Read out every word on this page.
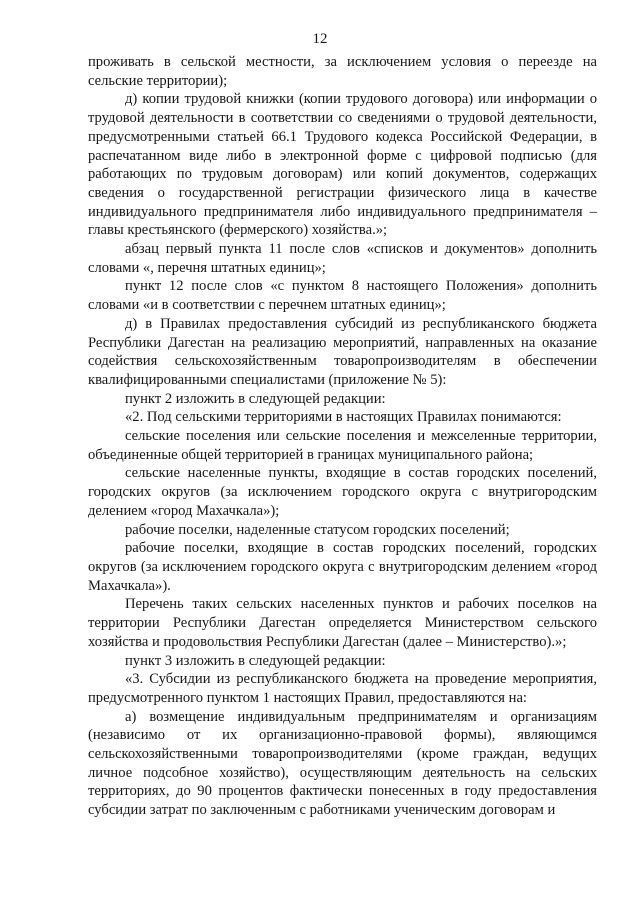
12

проживать в сельской местности, за исключением условия о переезде на сельские территории);

д) копии трудовой книжки (копии трудового договора) или информации о трудовой деятельности в соответствии со сведениями о трудовой деятельности, предусмотренными статьей 66.1 Трудового кодекса Российской Федерации, в распечатанном виде либо в электронной форме с цифровой подписью (для работающих по трудовым договорам) или копий документов, содержащих сведения о государственной регистрации физического лица в качестве индивидуального предпринимателя либо индивидуального предпринимателя – главы крестьянского (фермерского) хозяйства.»;

абзац первый пункта 11 после слов «списков и документов» дополнить словами «, перечня штатных единиц»;

пункт 12 после слов «с пунктом 8 настоящего Положения» дополнить словами «и в соответствии с перечнем штатных единиц»;

д) в Правилах предоставления субсидий из республиканского бюджета Республики Дагестан на реализацию мероприятий, направленных на оказание содействия сельскохозяйственным товаропроизводителям в обеспечении квалифицированными специалистами (приложение № 5):

пункт 2 изложить в следующей редакции:

«2. Под сельскими территориями в настоящих Правилах понимаются:

сельские поселения или сельские поселения и межселенные территории, объединенные общей территорией в границах муниципального района;

сельские населенные пункты, входящие в состав городских поселений, городских округов (за исключением городского округа с внутригородским делением «город Махачкала»);

рабочие поселки, наделенные статусом городских поселений;

рабочие поселки, входящие в состав городских поселений, городских округов (за исключением городского округа с внутригородским делением «город Махачкала»).

Перечень таких сельских населенных пунктов и рабочих поселков на территории Республики Дагестан определяется Министерством сельского хозяйства и продовольствия Республики Дагестан (далее – Министерство).»;

пункт 3 изложить в следующей редакции:

«3. Субсидии из республиканского бюджета на проведение мероприятия, предусмотренного пунктом 1 настоящих Правил, предоставляются на:

а) возмещение индивидуальным предпринимателям и организациям (независимо от их организационно-правовой формы), являющимся сельскохозяйственными товаропроизводителями (кроме граждан, ведущих личное подсобное хозяйство), осуществляющим деятельность на сельских территориях, до 90 процентов фактически понесенных в году предоставления субсидии затрат по заключенным с работниками ученическим договорам и
